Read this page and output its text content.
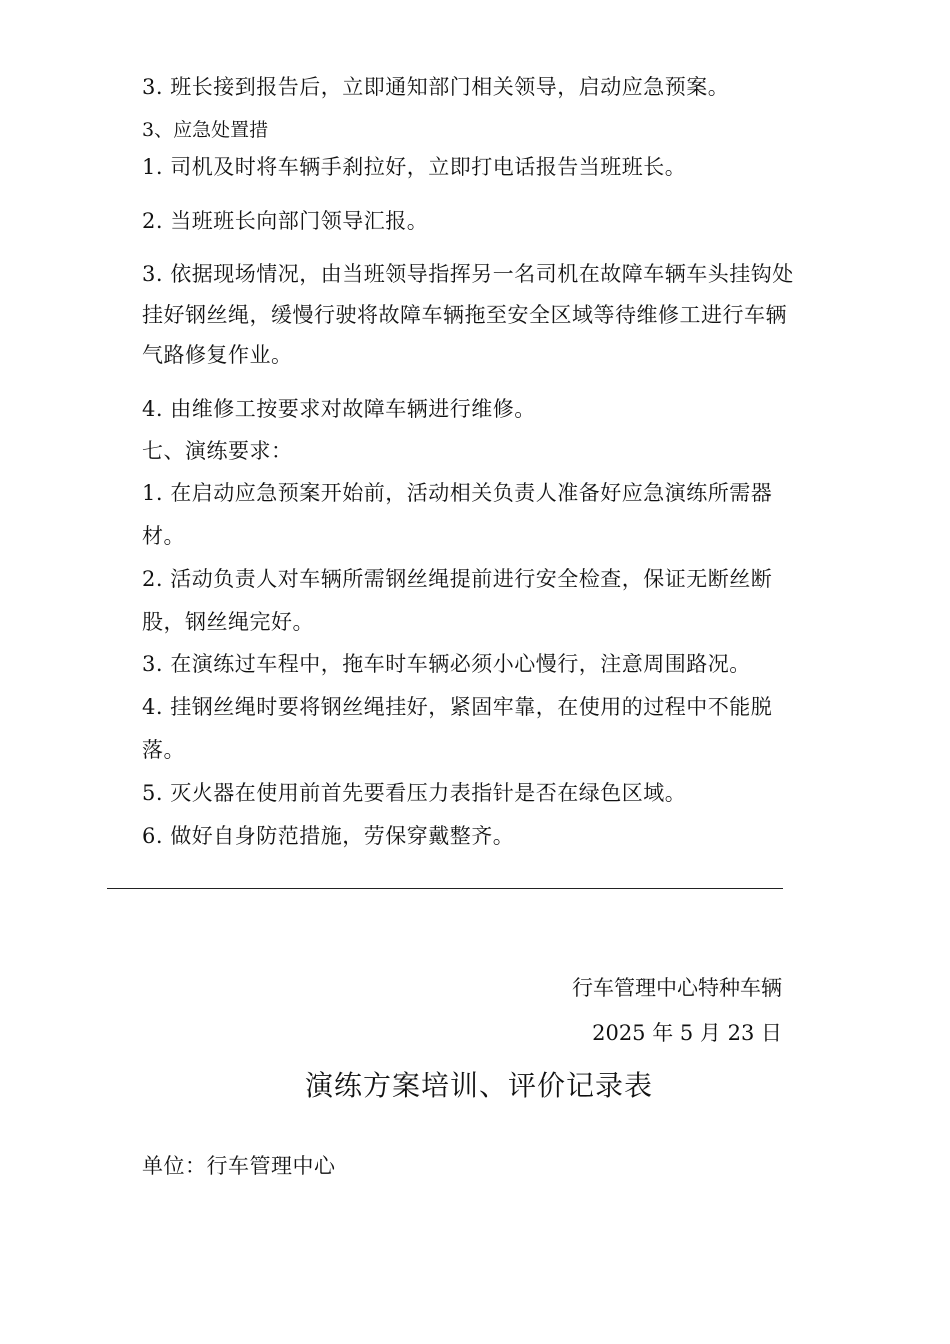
3. 班长接到报告后，立即通知部门相关领导，启动应急预案。
3、应急处置措
1. 司机及时将车辆手刹拉好，立即打电话报告当班班长。
2. 当班班长向部门领导汇报。
3. 依据现场情况，由当班领导指挥另一名司机在故障车辆车头挂钩处
挂好钢丝绳，缓慢行驶将故障车辆拖至安全区域等待维修工进行车辆
气路修复作业。
4. 由维修工按要求对故障车辆进行维修。
七、演练要求：
1. 在启动应急预案开始前，活动相关负责人准备好应急演练所需器
材。
2. 活动负责人对车辆所需钢丝绳提前进行安全检查，保证无断丝断
股，钢丝绳完好。
3. 在演练过车程中，拖车时车辆必须小心慢行，注意周围路况。
4. 挂钢丝绳时要将钢丝绳挂好，紧固牢靠，在使用的过程中不能脱
落。
5. 灭火器在使用前首先要看压力表指针是否在绿色区域。
6. 做好自身防范措施，劳保穿戴整齐。
行车管理中心特种车辆
2025 年 5 月 23 日
演练方案培训、评价记录表
单位：行车管理中心
